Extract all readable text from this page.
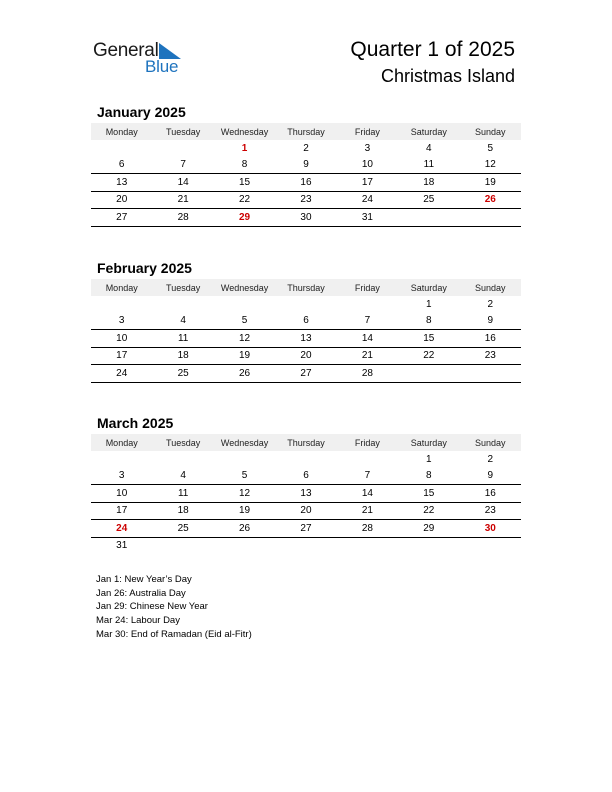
General
Blue
Quarter 1 of 2025
Christmas Island
January 2025
Monday	Tuesday	Wednesday	Thursday	Friday	Saturday	Sunday
		1	2	3	4	5
6	7	8	9	10	11	12
13	14	15	16	17	18	19
20	21	22	23	24	25	26
27	28	29	30	31		
February 2025
Monday	Tuesday	Wednesday	Thursday	Friday	Saturday	Sunday
					1	2
3	4	5	6	7	8	9
10	11	12	13	14	15	16
17	18	19	20	21	22	23
24	25	26	27	28		
March 2025
Monday	Tuesday	Wednesday	Thursday	Friday	Saturday	Sunday
					1	2
3	4	5	6	7	8	9
10	11	12	13	14	15	16
17	18	19	20	21	22	23
24	25	26	27	28	29	30
31						
Jan 1: New Year’s Day
Jan 26: Australia Day
Jan 29: Chinese New Year
Mar 24: Labour Day
Mar 30: End of Ramadan (Eid al-Fitr)
